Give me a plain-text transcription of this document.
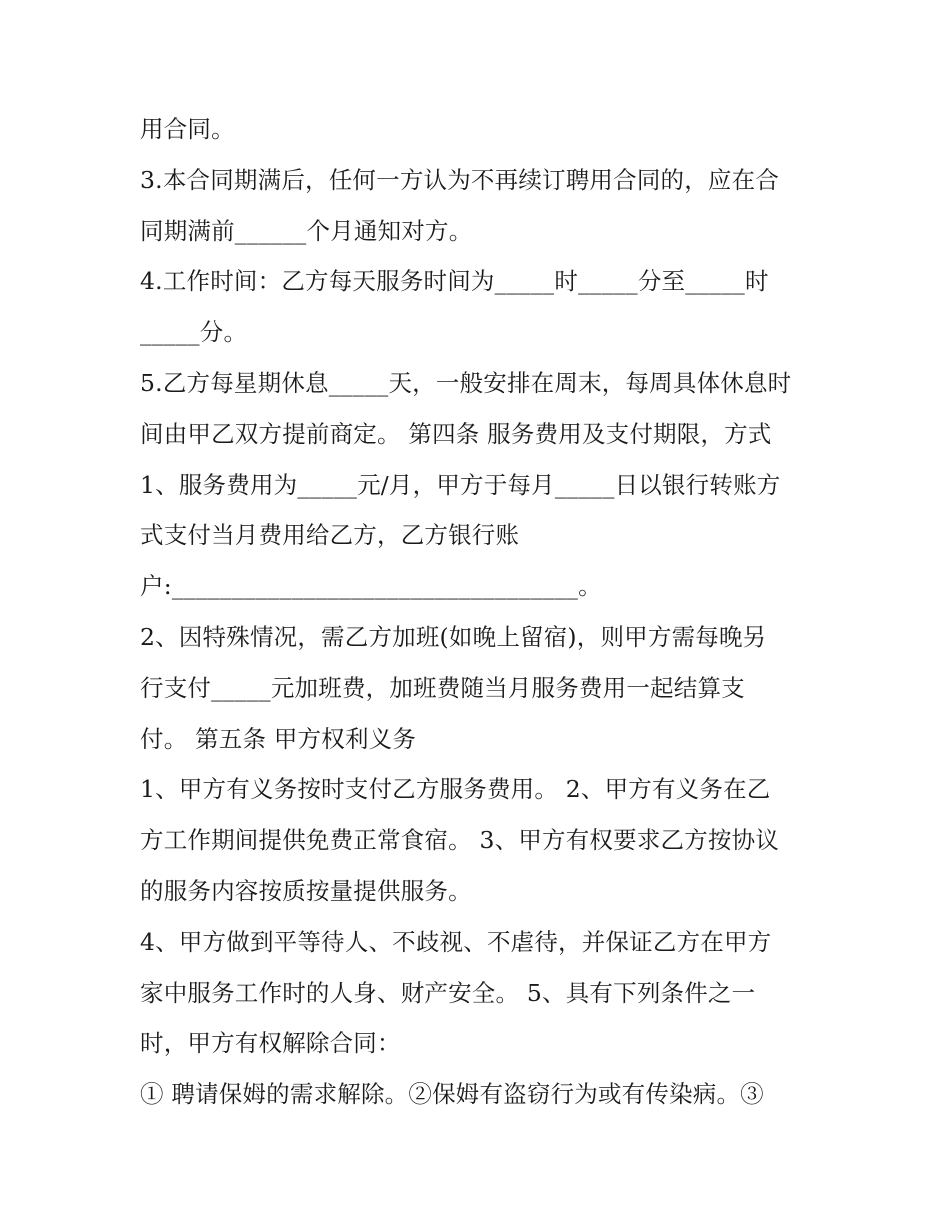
用合同。
3.本合同期满后，任何一方认为不再续订聘用合同的，应在合
同期满前______个月通知对方。
4.工作时间：乙方每天服务时间为_____时_____分至_____时
_____分。
5.乙方每星期休息_____天，一般安排在周末，每周具体休息时
间由甲乙双方提前商定。 第四条 服务费用及支付期限，方式
1、服务费用为_____元/月，甲方于每月_____日以银行转账方
式支付当月费用给乙方，乙方银行账
户:__________________________________。
2、因特殊情况，需乙方加班(如晚上留宿)，则甲方需每晚另
行支付_____元加班费，加班费随当月服务费用一起结算支
付。 第五条 甲方权利义务
1、甲方有义务按时支付乙方服务费用。 2、甲方有义务在乙
方工作期间提供免费正常食宿。 3、甲方有权要求乙方按协议
的服务内容按质按量提供服务。
4、甲方做到平等待人、不歧视、不虐待，并保证乙方在甲方
家中服务工作时的人身、财产安全。 5、具有下列条件之一
时，甲方有权解除合同：
① 聘请保姆的需求解除。②保姆有盗窃行为或有传染病。③
